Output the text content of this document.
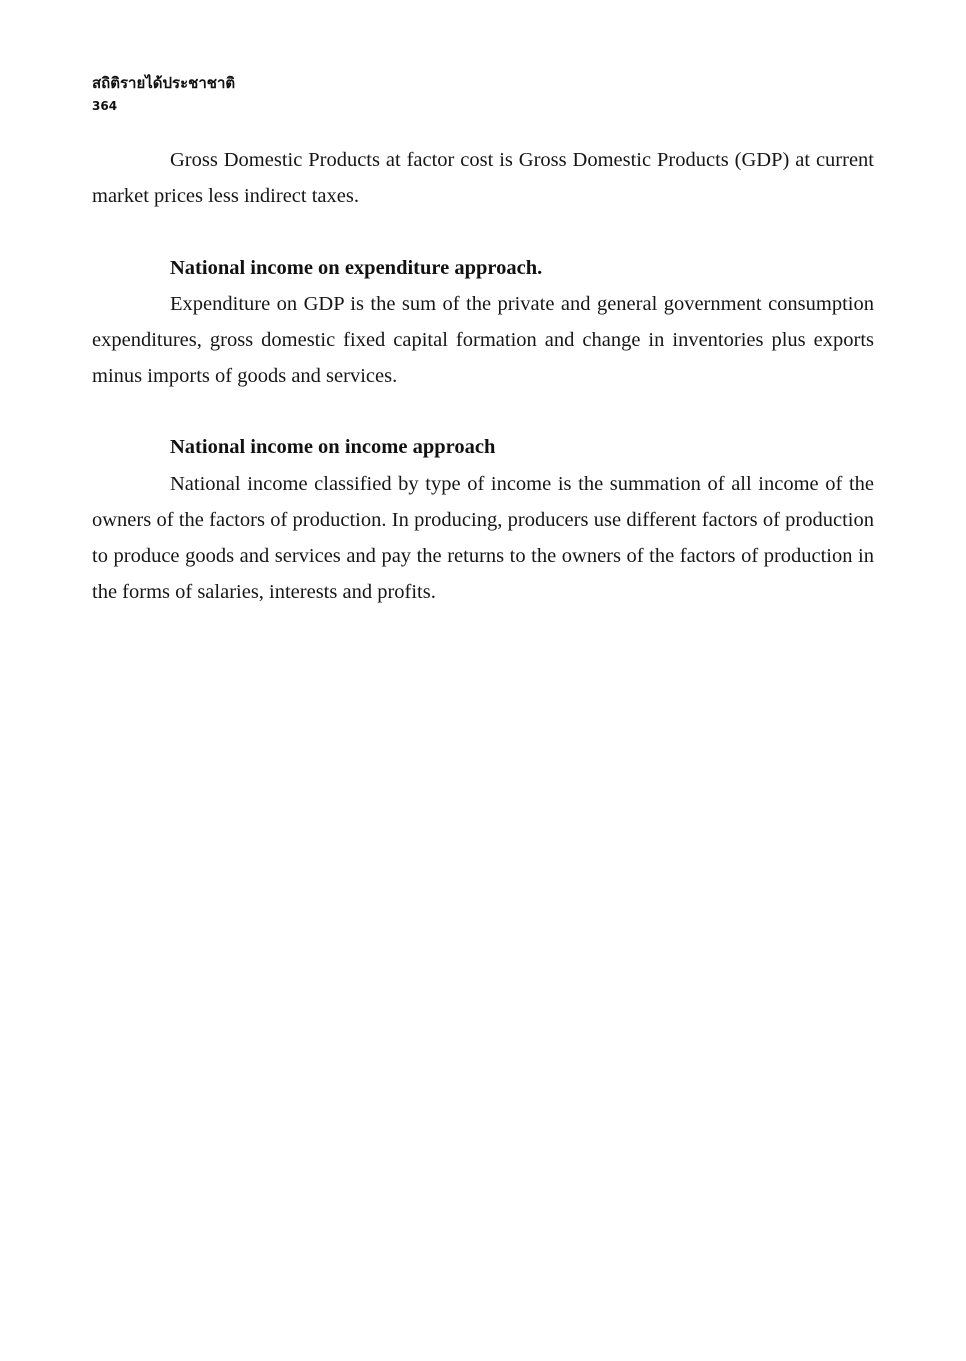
สถิติรายได้ประชาชาติ
364

Gross Domestic Products at factor cost is Gross Domestic Products (GDP) at current market prices less indirect taxes.

National income on expenditure approach.

Expenditure on GDP is the sum of the private and general government consumption expenditures, gross domestic fixed capital formation and change in inventories plus exports minus imports of goods and services.

National income on income approach

National income classified by type of income is the summation of all income of the owners of the factors of production. In producing, producers use different factors of production to produce goods and services and pay the returns to the owners of the factors of production in the forms of salaries, interests and profits.
